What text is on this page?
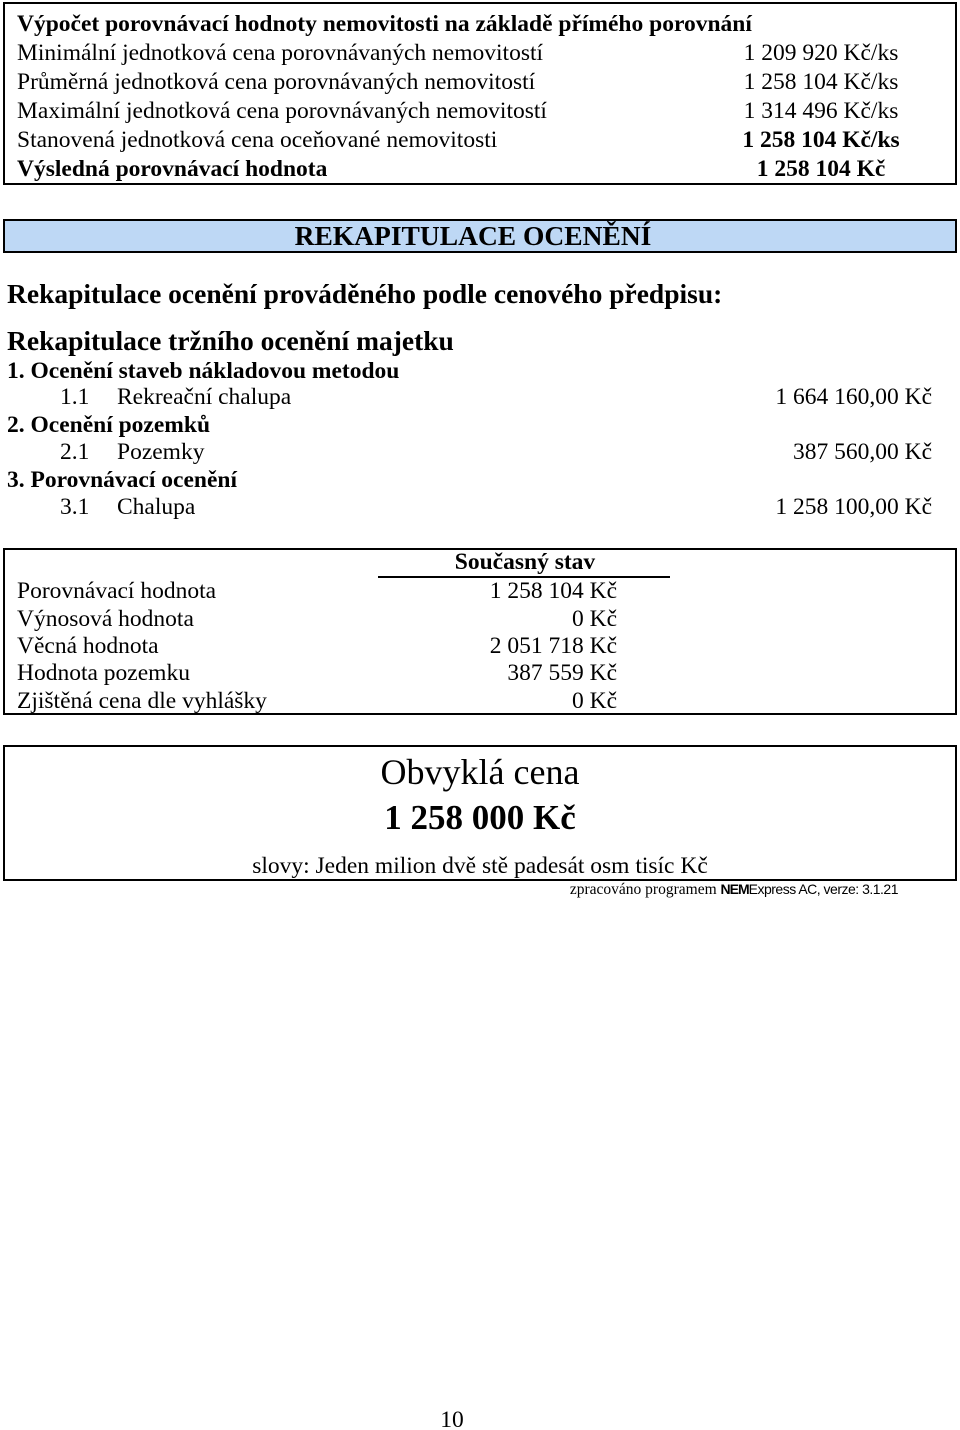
Výpočet porovnávací hodnoty nemovitosti na základě přímého porovnání
Minimální jednotková cena porovnávaných nemovitostí	1 209 920 Kč/ks
Průměrná jednotková cena porovnávaných nemovitostí	1 258 104 Kč/ks
Maximální jednotková cena porovnávaných nemovitostí	1 314 496 Kč/ks
Stanovená jednotková cena oceňované nemovitosti	1 258 104 Kč/ks
Výsledná porovnávací hodnota	1 258 104 Kč
REKAPITULACE OCENĚNÍ
Rekapitulace ocenění prováděného podle cenového předpisu:
Rekapitulace tržního ocenění majetku
1. Ocenění staveb nákladovou metodou
1.1 Rekreační chalupa	1 664 160,00 Kč
2. Ocenění pozemků
2.1 Pozemky	387 560,00 Kč
3. Porovnávací ocenění
3.1 Chalupa	1 258 100,00 Kč
Současný stav
Porovnávací hodnota	1 258 104 Kč
Výnosová hodnota	0 Kč
Věcná hodnota	2 051 718 Kč
Hodnota pozemku	387 559 Kč
Zjištěná cena dle vyhlášky	0 Kč
Obvyklá cena
1 258 000 Kč
slovy: Jeden milion dvě stě padesát osm tisíc Kč
zpracováno programem NEMExpress AC, verze: 3.1.21
10
